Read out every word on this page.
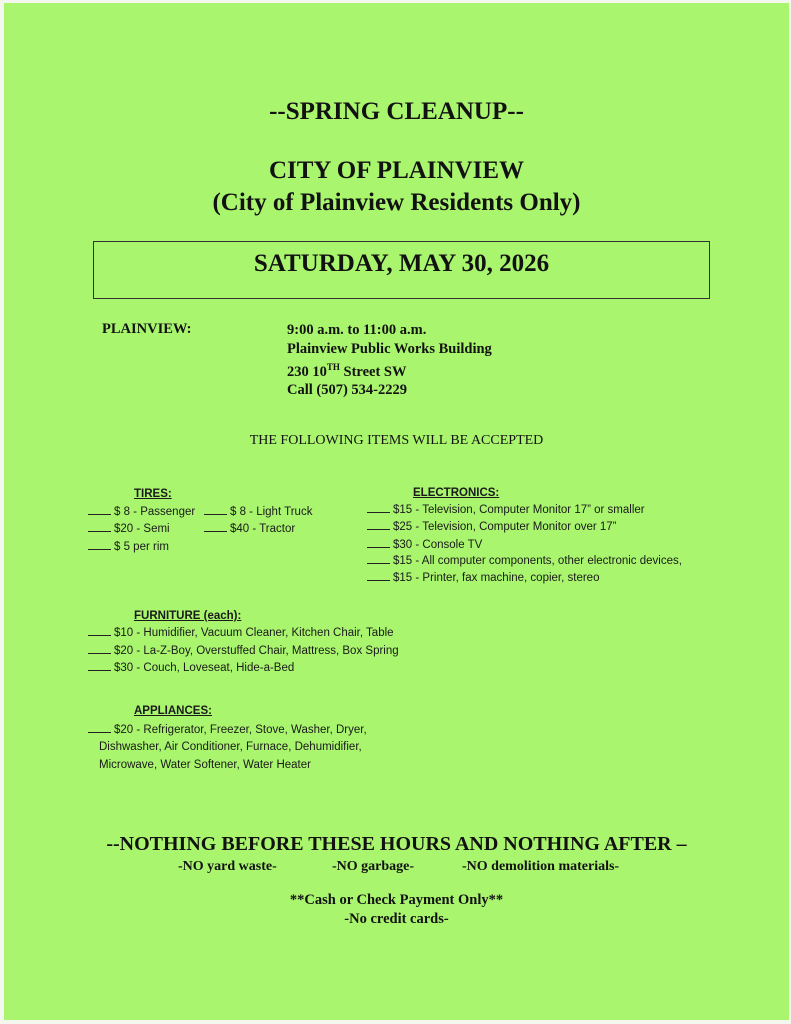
--SPRING CLEANUP--
CITY OF PLAINVIEW
(City of Plainview Residents Only)
SATURDAY, MAY 30, 2026
PLAINVIEW:	9:00 a.m. to 11:00 a.m.
Plainview Public Works Building
230 10TH Street SW
Call (507) 534-2229
THE FOLLOWING ITEMS WILL BE ACCEPTED
TIRES:
$ 8 - Passenger	$ 8 - Light Truck
$20 - Semi	$40 - Tractor
$ 5 per rim
ELECTRONICS:
$15 - Television, Computer Monitor 17” or smaller
$25 - Television, Computer Monitor over 17”
$30 - Console TV
$15 - All computer components, other electronic devices,
$15 - Printer, fax machine, copier, stereo
FURNITURE (each):
$10 - Humidifier, Vacuum Cleaner, Kitchen Chair, Table
$20 - La-Z-Boy, Overstuffed Chair, Mattress, Box Spring
$30 - Couch, Loveseat, Hide-a-Bed
APPLIANCES:
$20 - Refrigerator, Freezer, Stove, Washer, Dryer,
Dishwasher, Air Conditioner, Furnace, Dehumidifier,
Microwave, Water Softener, Water Heater
--NOTHING BEFORE THESE HOURS AND NOTHING AFTER –
-NO yard waste-	-NO garbage-	-NO demolition materials-
**Cash or Check Payment Only**
-No credit cards-
